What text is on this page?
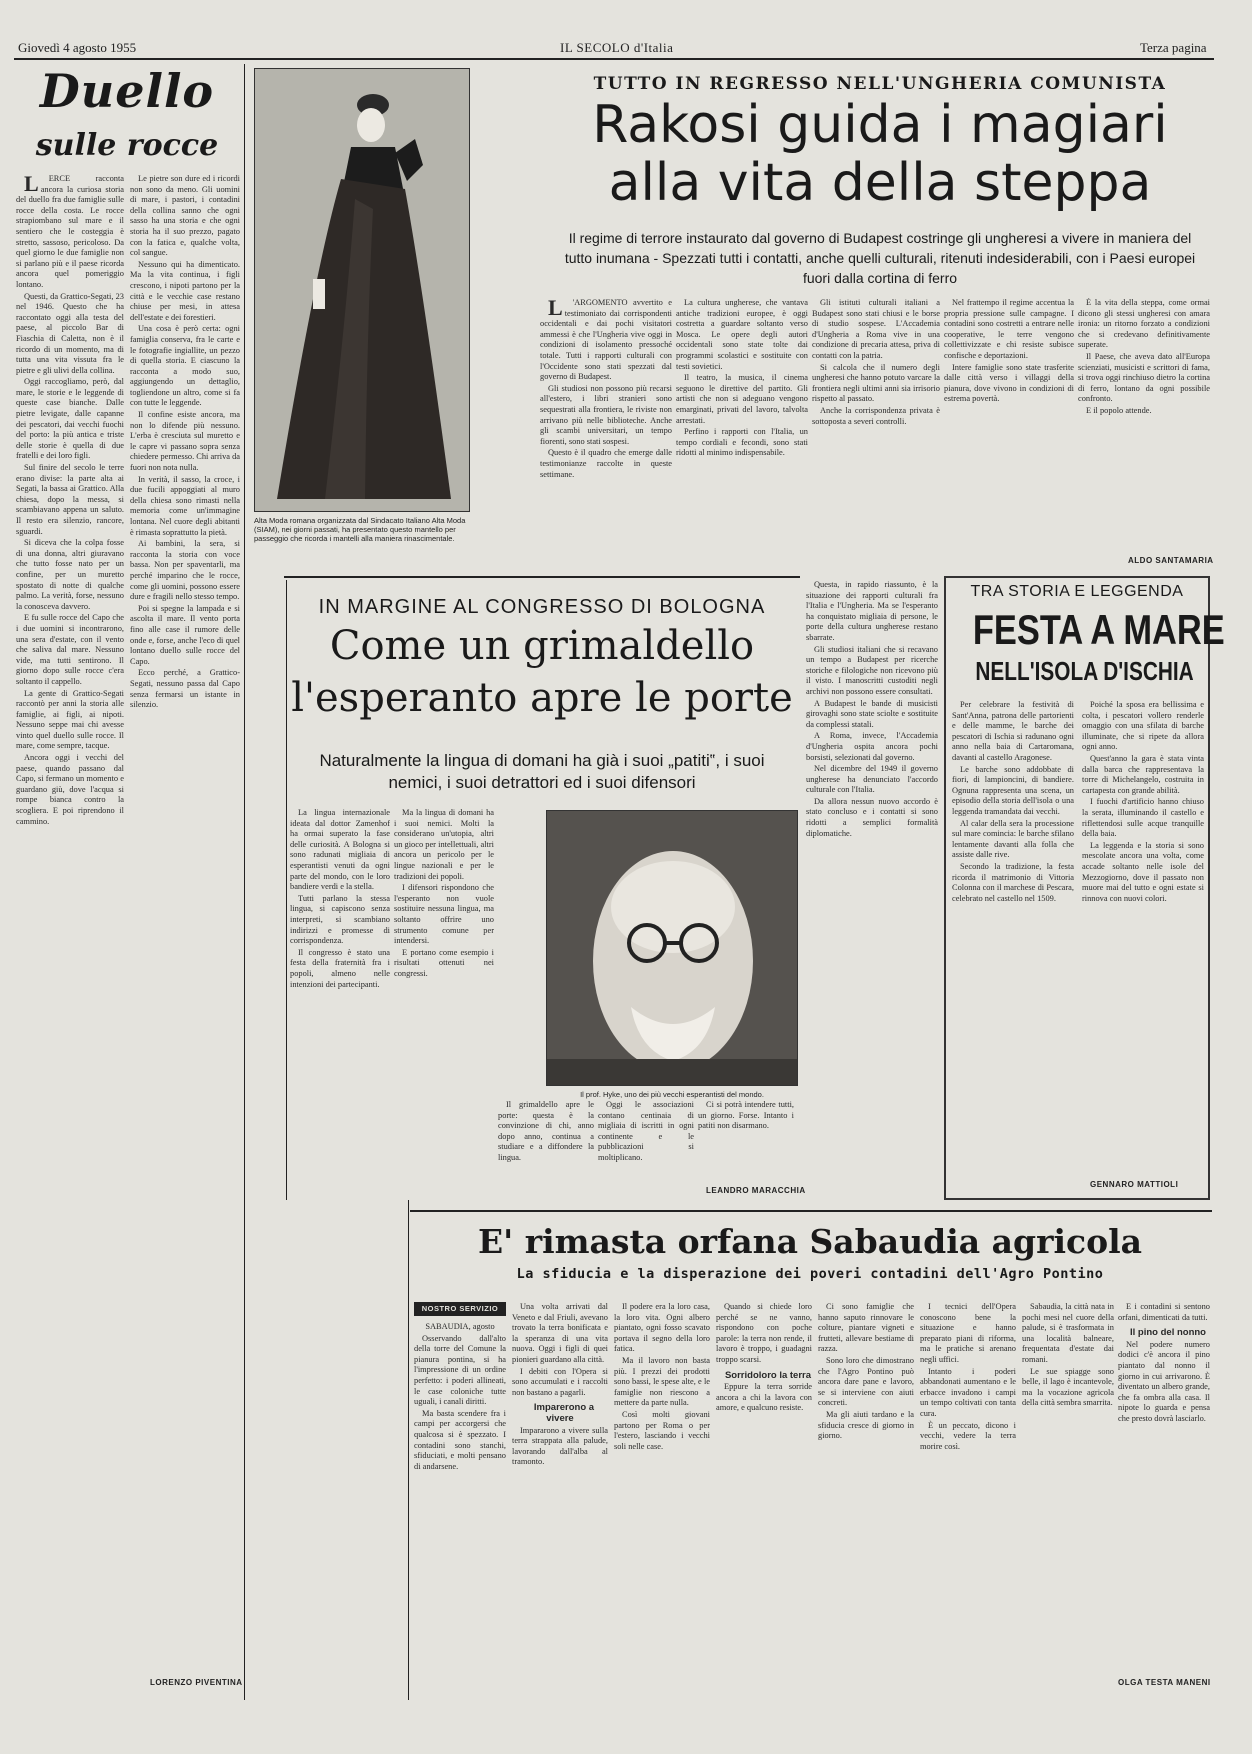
Giovedì 4 agosto 1955	IL SECOLO d'Italia	Terza pagina
Duello
sulle rocce

L ERCE racconta ancora la curiosa storia del duello fra due famiglie sulle rocce della costa. Le rocce strapiombano sul mare e il sentiero che le costeggia è stretto, sassoso, pericoloso. Da quel giorno le due famiglie non si parlano più e il paese ricorda ancora quel pomeriggio lontano.

Questi, da Grattico-Segati, 23 nel 1946. Questo che ha raccontato oggi alla testa del paese, al piccolo Bar di Fiaschia di Caletta, non è il ricordo di un momento, ma di tutta una vita vissuta fra le pietre e gli ulivi della collina.

Oggi raccogliamo, però, dal mare, le storie e le leggende di queste case bianche. Dalle pietre levigate, dalle capanne dei pescatori, dai vecchi fuochi del porto: la più antica e triste delle storie è quella di due fratelli e dei loro figli.

Sul finire del secolo le terre erano divise: la parte alta ai Segati, la bassa ai Grattico. Alla chiesa, dopo la messa, si scambiavano appena un saluto. Il resto era silenzio, rancore, sguardi.

Si diceva che la colpa fosse di una donna, altri giuravano che tutto fosse nato per un confine, per un muretto spostato di notte di qualche palmo. La verità, forse, nessuno la conosceva davvero.

E fu sulle rocce del Capo che i due uomini si incontrarono, una sera d'estate, con il vento che saliva dal mare. Nessuno vide, ma tutti sentirono. Il giorno dopo sulle rocce c'era soltanto il cappello.

La gente di Grattico-Segati raccontò per anni la storia alle famiglie, ai figli, ai nipoti. Nessuno seppe mai chi avesse vinto quel duello sulle rocce. Il mare, come sempre, tacque.

Ancora oggi i vecchi del paese, quando passano dal Capo, si fermano un momento e guardano giù, dove l'acqua si rompe bianca contro la scogliera. E poi riprendono il cammino.

Le pietre son dure ed i ricordi non sono da meno. Gli uomini di mare, i pastori, i contadini della collina sanno che ogni sasso ha una storia e che ogni storia ha il suo prezzo, pagato con la fatica e, qualche volta, col sangue.

Nessuno qui ha dimenticato. Ma la vita continua, i figli crescono, i nipoti partono per la città e le vecchie case restano chiuse per mesi, in attesa dell'estate e dei forestieri.

Una cosa è però certa: ogni famiglia conserva, fra le carte e le fotografie ingiallite, un pezzo di quella storia. E ciascuno la racconta a modo suo, aggiungendo un dettaglio, togliendone un altro, come si fa con tutte le leggende.

Il confine esiste ancora, ma non lo difende più nessuno. L'erba è cresciuta sul muretto e le capre vi passano sopra senza chiedere permesso. Chi arriva da fuori non nota nulla.

In verità, il sasso, la croce, i due fucili appoggiati al muro della chiesa sono rimasti nella memoria come un'immagine lontana. Nel cuore degli abitanti è rimasta soprattutto la pietà.

Ai bambini, la sera, si racconta la storia con voce bassa. Non per spaventarli, ma perché imparino che le rocce, come gli uomini, possono essere dure e fragili nello stesso tempo.

Poi si spegne la lampada e si ascolta il mare. Il vento porta fino alle case il rumore delle onde e, forse, anche l'eco di quel lontano duello sulle rocce del Capo.

Ecco perché, a Grattico-Segati, nessuno passa dal Capo senza fermarsi un istante in silenzio.

LORENZO PIVENTINA
Alta Moda romana organizzata dal Sindacato Italiano Alta Moda (SIAM), nei giorni passati, ha presentato questo mantello per passeggio che ricorda i mantelli alla maniera rinascimentale.
TUTTO IN REGRESSO NELL'UNGHERIA COMUNISTA
Rakosi guida i magiari
alla vita della steppa
Il regime di terrore instaurato dal governo di Budapest costringe gli ungheresi a vivere in maniera del tutto inumana - Spezzati tutti i contatti, anche quelli culturali, ritenuti indesiderabili, con i Paesi europei fuori dalla cortina di ferro

L 'ARGOMENTO avvertito e testimoniato dai corrispondenti occidentali e dai pochi visitatori ammessi è che l'Ungheria vive oggi in condizioni di isolamento pressoché totale. Tutti i rapporti culturali con l'Occidente sono stati spezzati dal governo di Budapest.

Gli studiosi non possono più recarsi all'estero, i libri stranieri sono sequestrati alla frontiera, le riviste non arrivano più nelle biblioteche. Anche gli scambi universitari, un tempo fiorenti, sono stati sospesi.

Questo è il quadro che emerge dalle testimonianze raccolte in queste settimane.

La cultura ungherese, che vantava antiche tradizioni europee, è oggi costretta a guardare soltanto verso Mosca. Le opere degli autori occidentali sono state tolte dai programmi scolastici e sostituite con testi sovietici.

Il teatro, la musica, il cinema seguono le direttive del partito. Gli artisti che non si adeguano vengono emarginati, privati del lavoro, talvolta arrestati.

Perfino i rapporti con l'Italia, un tempo cordiali e fecondi, sono stati ridotti al minimo indispensabile.

Gli istituti culturali italiani a Budapest sono stati chiusi e le borse di studio sospese. L'Accademia d'Ungheria a Roma vive in una condizione di precaria attesa, priva di contatti con la patria.

Si calcola che il numero degli ungheresi che hanno potuto varcare la frontiera negli ultimi anni sia irrisorio rispetto al passato.

Anche la corrispondenza privata è sottoposta a severi controlli.

Nel frattempo il regime accentua la propria pressione sulle campagne. I contadini sono costretti a entrare nelle cooperative, le terre vengono collettivizzate e chi resiste subisce confische e deportazioni.

Intere famiglie sono state trasferite dalle città verso i villaggi della pianura, dove vivono in condizioni di estrema povertà.

È la vita della steppa, come ormai dicono gli stessi ungheresi con amara ironia: un ritorno forzato a condizioni che si credevano definitivamente superate.

Il Paese, che aveva dato all'Europa scienziati, musicisti e scrittori di fama, si trova oggi rinchiuso dietro la cortina di ferro, lontano da ogni possibile confronto.

E il popolo attende.

ALDO SANTAMARIA
IN MARGINE AL CONGRESSO DI BOLOGNA
Come un grimaldello
l'esperanto apre le porte
Naturalmente la lingua di domani ha già i suoi „patiti‟, i suoi nemici, i suoi detrattori ed i suoi difensori

La lingua internazionale ideata dal dottor Zamenhof ha ormai superato la fase delle curiosità. A Bologna si sono radunati migliaia di esperantisti venuti da ogni parte del mondo, con le loro bandiere verdi e la stella.

Tutti parlano la stessa lingua, si capiscono senza interpreti, si scambiano indirizzi e promesse di corrispondenza.

Il congresso è stato una festa della fraternità fra i popoli, almeno nelle intenzioni dei partecipanti.

Ma la lingua di domani ha i suoi nemici. Molti la considerano un'utopia, altri un gioco per intellettuali, altri ancora un pericolo per le lingue nazionali e per le tradizioni dei popoli.

I difensori rispondono che l'esperanto non vuole sostituire nessuna lingua, ma soltanto offrire uno strumento comune per intendersi.

E portano come esempio i risultati ottenuti nei congressi.

Il grimaldello apre le porte: questa è la convinzione di chi, anno dopo anno, continua a studiare e a diffondere la lingua.

Oggi le associazioni contano centinaia di migliaia di iscritti in ogni continente e le pubblicazioni si moltiplicano.

Ci si potrà intendere tutti, un giorno. Forse. Intanto i patiti non disarmano.

LEANDRO MARACCHIA
Il prof. Hyke, uno dei più vecchi esperantisti del mondo.

Questa, in rapido riassunto, è la situazione dei rapporti culturali fra l'Italia e l'Ungheria. Ma se l'esperanto ha conquistato migliaia di persone, le porte della cultura ungherese restano sbarrate.

Gli studiosi italiani che si recavano un tempo a Budapest per ricerche storiche e filologiche non ricevono più il visto. I manoscritti custoditi negli archivi non possono essere consultati.

A Budapest le bande di musicisti girovaghi sono state sciolte e sostituite da complessi statali.

A Roma, invece, l'Accademia d'Ungheria ospita ancora pochi borsisti, selezionati dal governo.

Nel dicembre del 1949 il governo ungherese ha denunciato l'accordo culturale con l'Italia.

Da allora nessun nuovo accordo è stato concluso e i contatti si sono ridotti a semplici formalità diplomatiche.

TRA STORIA E LEGGENDA
FESTA A MARE
NELL'ISOLA D'ISCHIA

Per celebrare la festività di Sant'Anna, patrona delle partorienti e delle mamme, le barche dei pescatori di Ischia si radunano ogni anno nella baia di Cartaromana, davanti al castello Aragonese.

Le barche sono addobbate di fiori, di lampioncini, di bandiere. Ognuna rappresenta una scena, un episodio della storia dell'isola o una leggenda tramandata dai vecchi.

Al calar della sera la processione sul mare comincia: le barche sfilano lentamente davanti alla folla che assiste dalle rive.

Secondo la tradizione, la festa ricorda il matrimonio di Vittoria Colonna con il marchese di Pescara, celebrato nel castello nel 1509.

Poiché la sposa era bellissima e colta, i pescatori vollero renderle omaggio con una sfilata di barche illuminate, che si ripete da allora ogni anno.

Quest'anno la gara è stata vinta dalla barca che rappresentava la torre di Michelangelo, costruita in cartapesta con grande abilità.

I fuochi d'artificio hanno chiuso la serata, illuminando il castello e riflettendosi sulle acque tranquille della baia.

La leggenda e la storia si sono mescolate ancora una volta, come accade soltanto nelle isole del Mezzogiorno, dove il passato non muore mai del tutto e ogni estate si rinnova con nuovi colori.

GENNARO MATTIOLI
E' rimasta orfana Sabaudia agricola
La sfiducia e la disperazione dei poveri contadini dell'Agro Pontino
NOSTRO SERVIZIO

SABAUDIA, agosto

Osservando dall'alto della torre del Comune la pianura pontina, si ha l'impressione di un ordine perfetto: i poderi allineati, le case coloniche tutte uguali, i canali diritti.

Ma basta scendere fra i campi per accorgersi che qualcosa si è spezzato. I contadini sono stanchi, sfiduciati, e molti pensano di andarsene.

Una volta arrivati dal Veneto e dal Friuli, avevano trovato la terra bonificata e la speranza di una vita nuova. Oggi i figli di quei pionieri guardano alla città.

I debiti con l'Opera si sono accumulati e i raccolti non bastano a pagarli.

Imparerono a vivere

Impararono a vivere sulla terra strappata alla palude, lavorando dall'alba al tramonto.

Il podere era la loro casa, la loro vita. Ogni albero piantato, ogni fosso scavato portava il segno della loro fatica.

Ma il lavoro non basta più. I prezzi dei prodotti sono bassi, le spese alte, e le famiglie non riescono a mettere da parte nulla.

Così molti giovani partono per Roma o per l'estero, lasciando i vecchi soli nelle case.

Quando si chiede loro perché se ne vanno, rispondono con poche parole: la terra non rende, il lavoro è troppo, i guadagni troppo scarsi.

Sorridoloro la terra

Eppure la terra sorride ancora a chi la lavora con amore, e qualcuno resiste.

Ci sono famiglie che hanno saputo rinnovare le colture, piantare vigneti e frutteti, allevare bestiame di razza.

Sono loro che dimostrano che l'Agro Pontino può ancora dare pane e lavoro, se si interviene con aiuti concreti.

Ma gli aiuti tardano e la sfiducia cresce di giorno in giorno.

I tecnici dell'Opera conoscono bene la situazione e hanno preparato piani di riforma, ma le pratiche si arenano negli uffici.

Intanto i poderi abbandonati aumentano e le erbacce invadono i campi un tempo coltivati con tanta cura.

È un peccato, dicono i vecchi, vedere la terra morire così.

Sabaudia, la città nata in pochi mesi nel cuore della palude, si è trasformata in una località balneare, frequentata d'estate dai romani.

Le sue spiagge sono belle, il lago è incantevole, ma la vocazione agricola della città sembra smarrita.

E i contadini si sentono orfani, dimenticati da tutti.

Il pino del nonno

Nel podere numero dodici c'è ancora il pino piantato dal nonno il giorno in cui arrivarono. È diventato un albero grande, che fa ombra alla casa. Il nipote lo guarda e pensa che presto dovrà lasciarlo.

OLGA TESTA MANENI
